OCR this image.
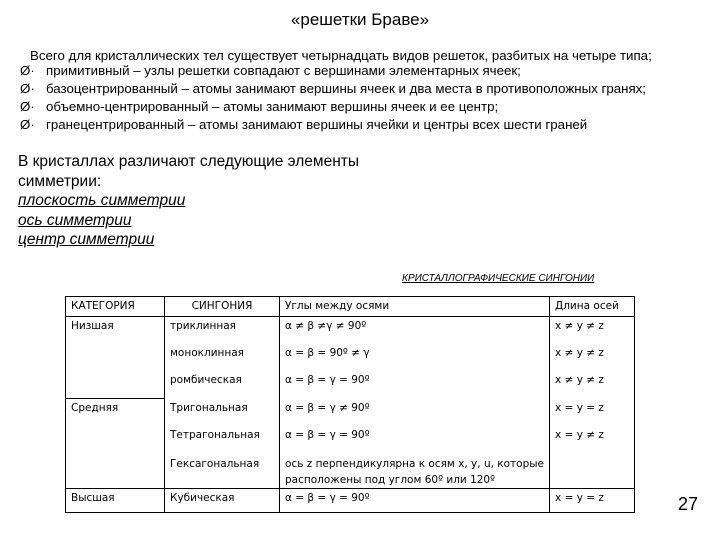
«решетки Браве»
Всего для кристаллических тел существует четырнадцать видов решеток, разбитых на четыре типа;
Ø· примитивный – узлы решетки совпадают с вершинами элементарных ячеек;
Ø· базоцентрированный – атомы занимают вершины ячеек и два места в противоположных гранях;
Ø· объемно-центрированный – атомы занимают вершины ячеек и ее центр;
Ø· гранецентрированный – атомы занимают вершины ячейки и центры всех шести граней
В кристаллах различают следующие элементы
симметрии:
плоскость симметрии
ось симметрии
центр симметрии
КРИСТАЛЛОГРАФИЧЕСКИЕ СИНГОНИИ
КАТЕГОРИЯ	СИНГОНИЯ	Углы между осями	Длина осей
Низшая	триклинная	α ≠ β ≠γ ≠ 90º	x ≠ y ≠ z
	моноклинная	α = β = 90º ≠ γ	x ≠ y ≠ z
	ромбическая	α = β = γ = 90º	x ≠ y ≠ z
Средняя	Тригональная	α = β = γ ≠ 90º	x = y = z
	Тетрагональная	α = β = γ = 90º	x = y ≠ z
	Гексагональная	ось z перпендикулярна к осям x, y, u, которые
расположены под углом 60º или 120º	

Высшая	Кубическая	α = β = γ = 90º	x = y = z	27
